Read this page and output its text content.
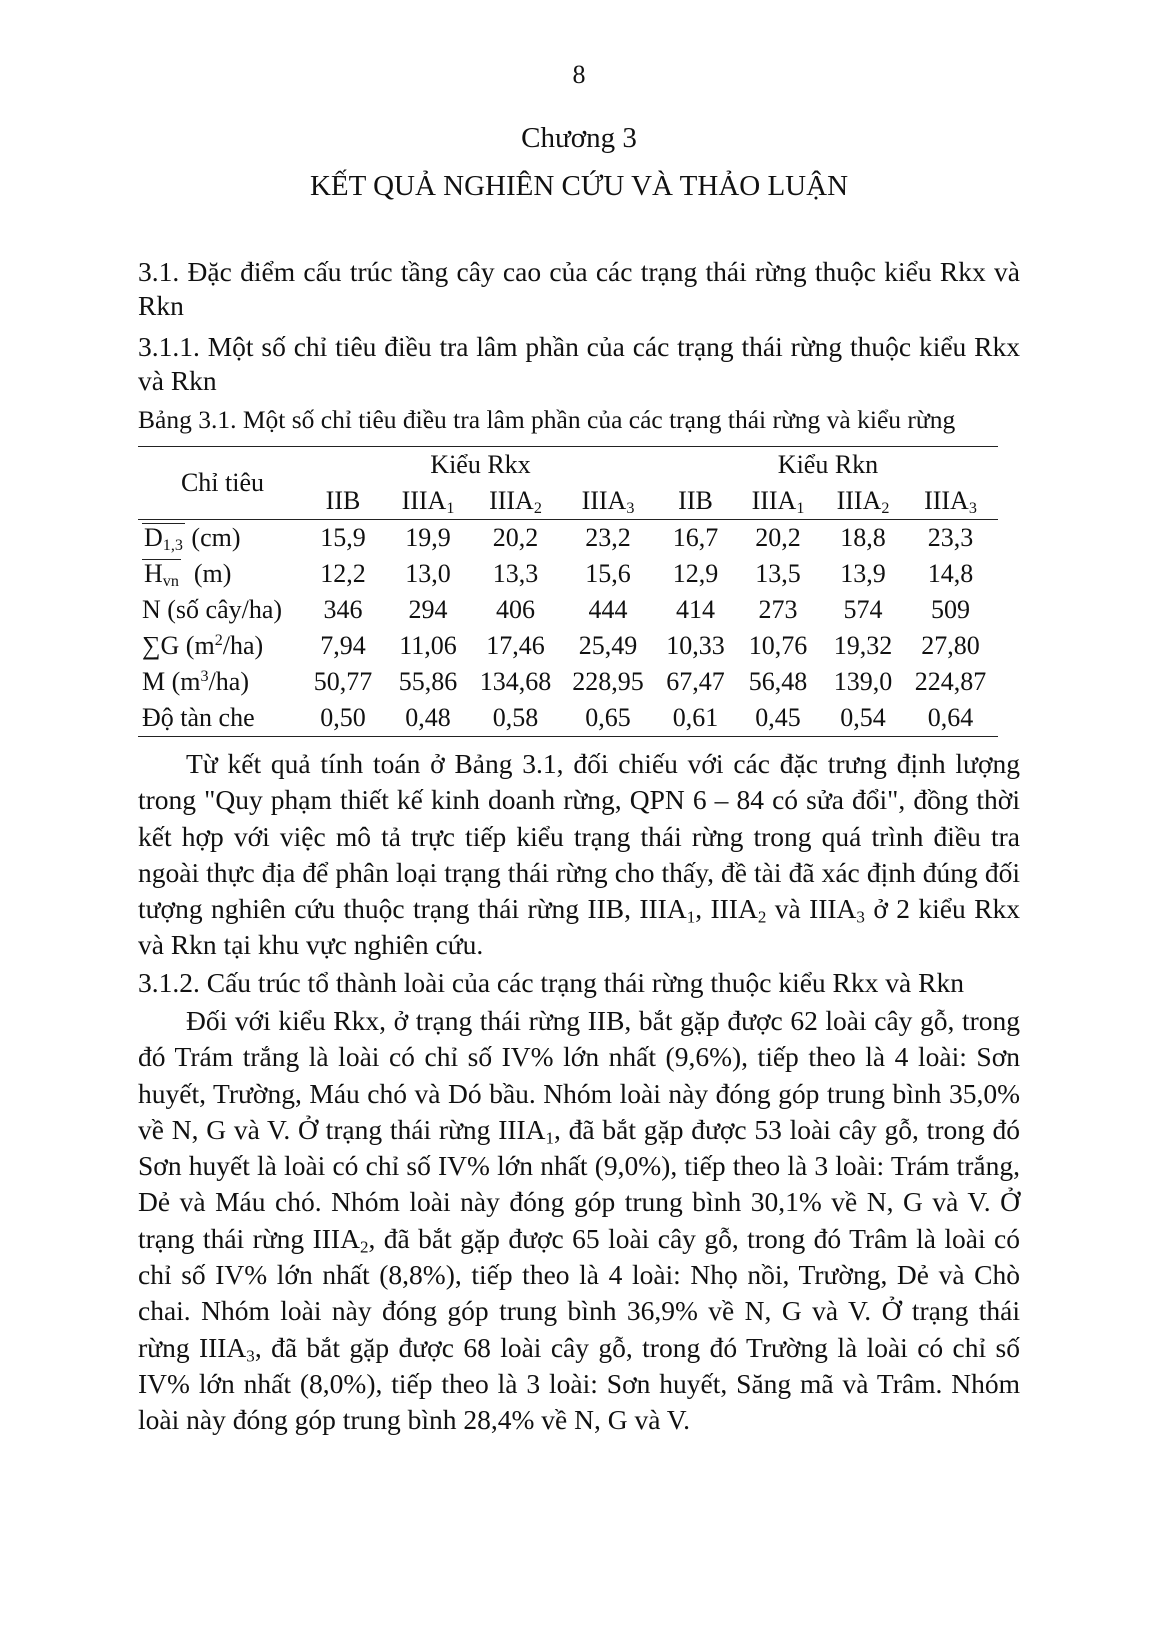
8
Chương 3
KẾT QUẢ NGHIÊN CỨU VÀ THẢO LUẬN
3.1. Đặc điểm cấu trúc tầng cây cao của các trạng thái rừng thuộc kiểu Rkx và Rkn
3.1.1. Một số chỉ tiêu điều tra lâm phần của các trạng thái rừng thuộc kiểu Rkx và Rkn
Bảng 3.1. Một số chỉ tiêu điều tra lâm phần của các trạng thái rừng và kiểu rừng
Chỉ tiêu	Kiểu Rkx				Kiểu Rkn			
	IIB	$IIIA_1$	$IIIA_2$	$IIIA_3$	IIB	$IIIA_1$	$IIIA_2$	$IIIA_3$
$D_{1,3}$ (cm)	15,9	19,9	20,2	23,2	16,7	20,2	18,8	23,3
$H_{vn}$ (m)	12,2	13,0	13,3	15,6	12,9	13,5	13,9	14,8
N (số cây/ha)	346	294	406	444	414	273	574	509
∑G $(m^2/ha)$	7,94	11,06	17,46	25,49	10,33	10,76	19,32	27,80
M $(m^3/ha)$	50,77	55,86	134,68	228,95	67,47	56,48	139,0	224,87
Độ tàn che	0,50	0,48	0,58	0,65	0,61	0,45	0,54	0,64
Từ kết quả tính toán ở Bảng 3.1, đối chiếu với các đặc trưng định lượng trong "Quy phạm thiết kế kinh doanh rừng, QPN 6 – 84 có sửa đổi", đồng thời kết hợp với việc mô tả trực tiếp kiểu trạng thái rừng trong quá trình điều tra ngoài thực địa để phân loại trạng thái rừng cho thấy, đề tài đã xác định đúng đối tượng nghiên cứu thuộc trạng thái rừng IIB, $IIIA_1$, $IIIA_2$ và $IIIA_3$ ở 2 kiểu Rkx và Rkn tại khu vực nghiên cứu.
3.1.2. Cấu trúc tổ thành loài của các trạng thái rừng thuộc kiểu Rkx và Rkn
Đối với kiểu Rkx, ở trạng thái rừng IIB, bắt gặp được 62 loài cây gỗ, trong đó Trám trắng là loài có chỉ số IV% lớn nhất (9,6%), tiếp theo là 4 loài: Sơn huyết, Trường, Máu chó và Dó bầu. Nhóm loài này đóng góp trung bình 35,0% về N, G và V. Ở trạng thái rừng $IIIA_1$, đã bắt gặp được 53 loài cây gỗ, trong đó Sơn huyết là loài có chỉ số IV% lớn nhất (9,0%), tiếp theo là 3 loài: Trám trắng, Dẻ và Máu chó. Nhóm loài này đóng góp trung bình 30,1% về N, G và V. Ở trạng thái rừng $IIIA_2$, đã bắt gặp được 65 loài cây gỗ, trong đó Trâm là loài có chỉ số IV% lớn nhất (8,8%), tiếp theo là 4 loài: Nhọ nồi, Trường, Dẻ và Chò chai. Nhóm loài này đóng góp trung bình 36,9% về N, G và V. Ở trạng thái rừng $IIIA_3$, đã bắt gặp được 68 loài cây gỗ, trong đó Trường là loài có chỉ số IV% lớn nhất (8,0%), tiếp theo là 3 loài: Sơn huyết, Săng mã và Trâm. Nhóm loài này đóng góp trung bình 28,4% về N, G và V.
